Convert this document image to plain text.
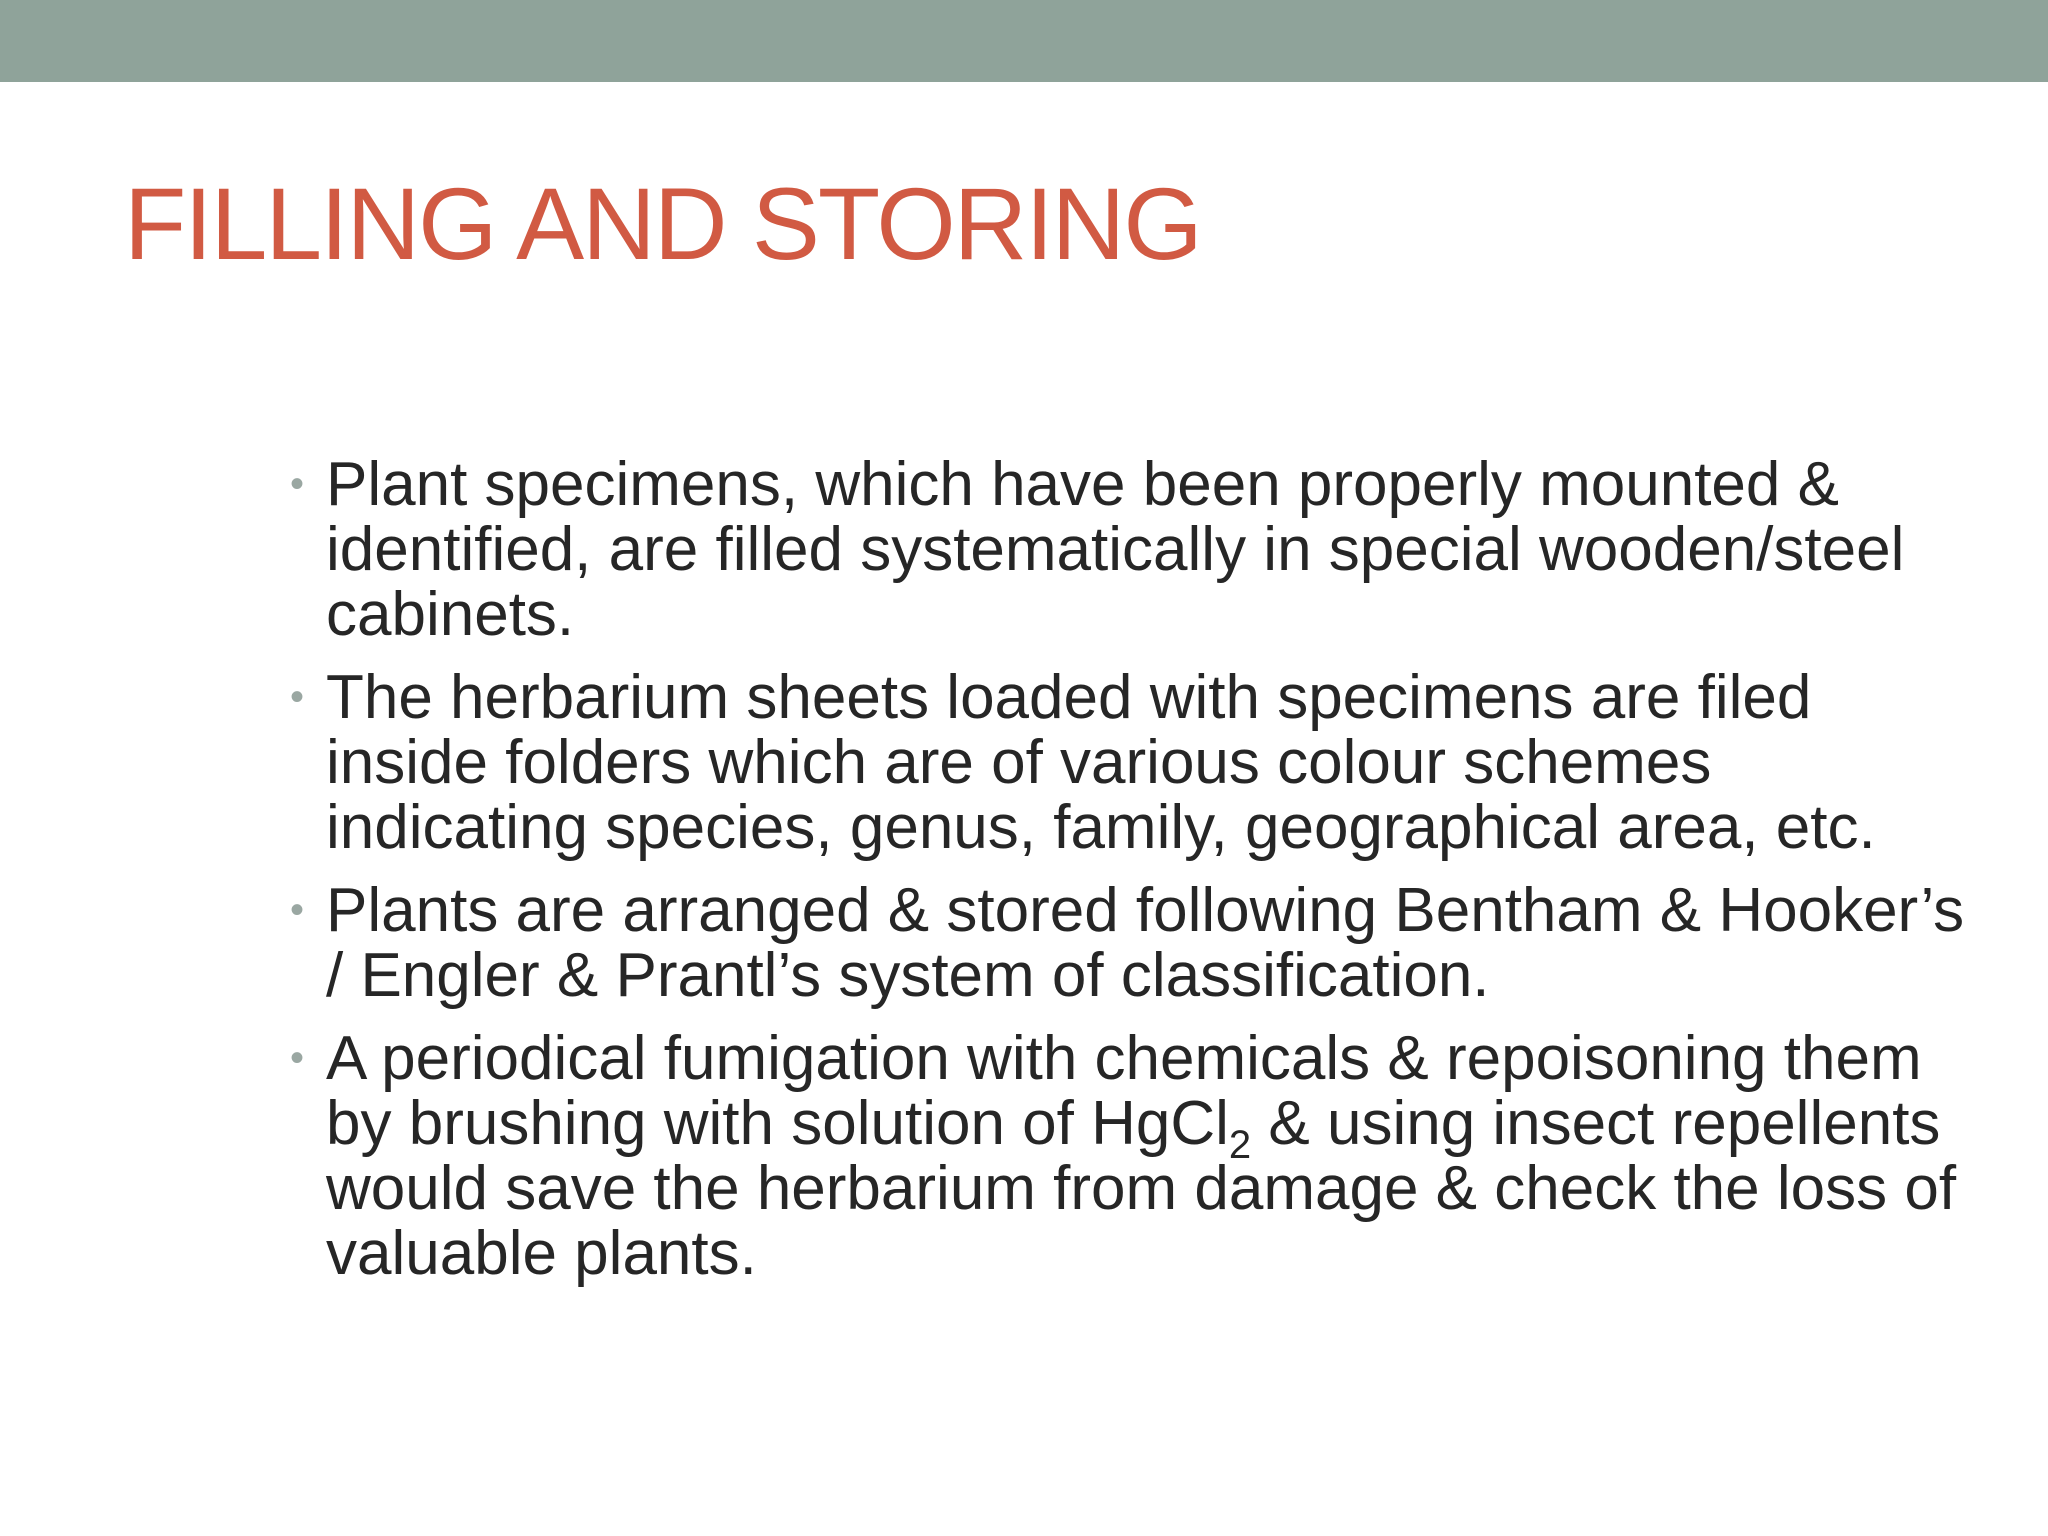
FILLING AND STORING
• Plant specimens, which have been properly mounted & identified, are filled systematically in special wooden/steel cabinets.
• The herbarium sheets loaded with specimens are filed inside folders which are of various colour schemes indicating species, genus, family, geographical area, etc.
• Plants are arranged & stored following Bentham & Hooker’s / Engler & Prantl’s system of classification.
• A periodical fumigation with chemicals & repoisoning them by brushing with solution of HgCl$_2$ & using insect repellents would save the herbarium from damage & check the loss of valuable plants.
